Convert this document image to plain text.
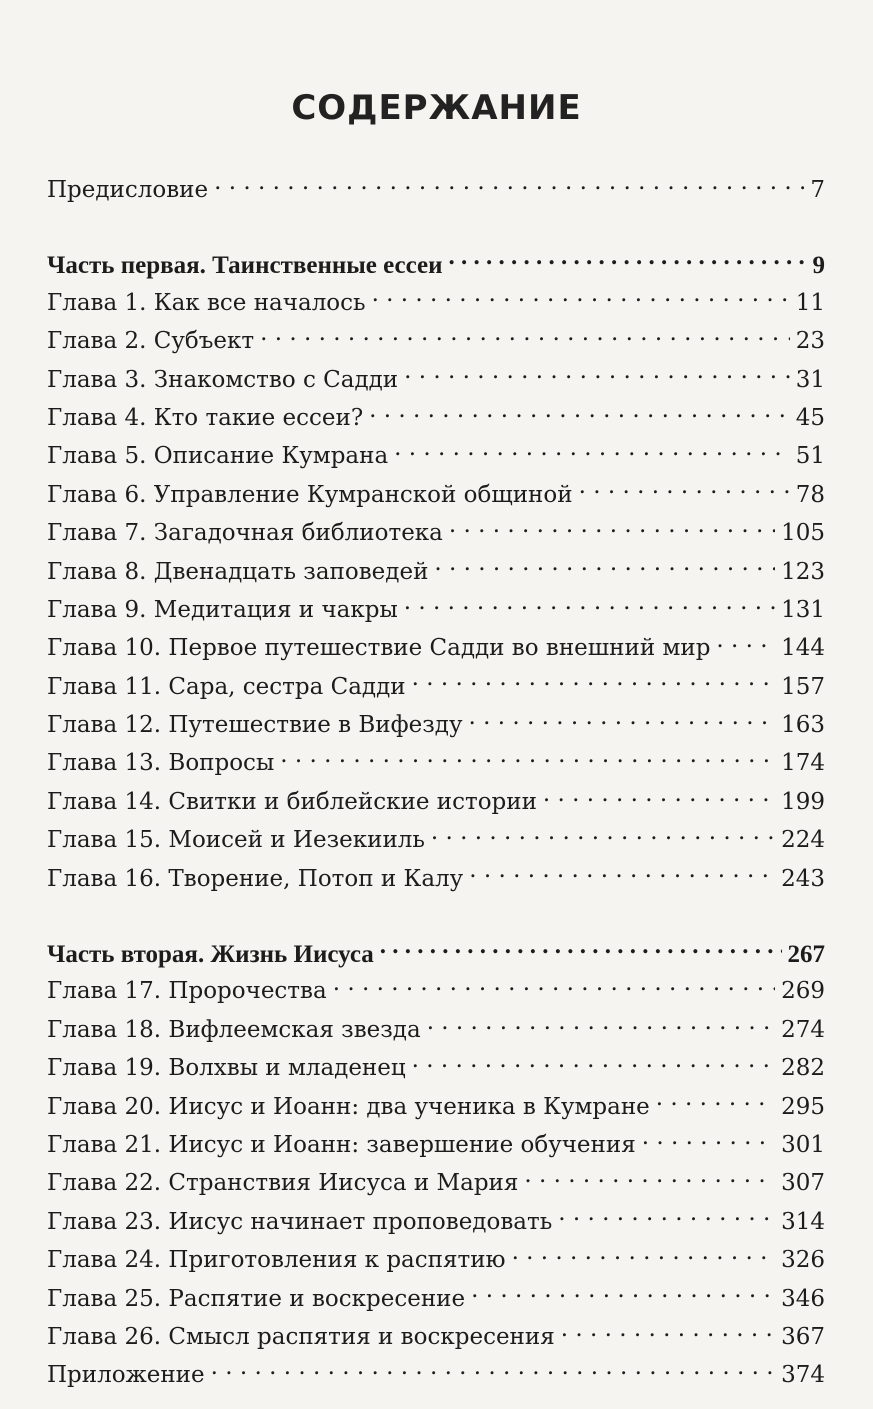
СОДЕРЖАНИЕ
Предисловие . . .	7
Часть первая. Таинственные ессеи . . .	9
Глава 1. Как все началось . . .	11
Глава 2. Субъект . . .	23
Глава 3. Знакомство с Садди . . .	31
Глава 4. Кто такие ессеи? . . .	45
Глава 5. Описание Кумрана . . .	51
Глава 6. Управление Кумранской общиной . . .	78
Глава 7. Загадочная библиотека . . .	105
Глава 8. Двенадцать заповедей . . .	123
Глава 9. Медитация и чакры . . .	131
Глава 10. Первое путешествие Садди во внешний мир . . .	144
Глава 11. Сара, сестра Садди . . .	157
Глава 12. Путешествие в Вифезду . . .	163
Глава 13. Вопросы . . .	174
Глава 14. Свитки и библейские истории . . .	199
Глава 15. Моисей и Иезекииль . . .	224
Глава 16. Творение, Потоп и Калу . . .	243
Часть вторая. Жизнь Иисуса . . .	267
Глава 17. Пророчества . . .	269
Глава 18. Вифлеемская звезда . . .	274
Глава 19. Волхвы и младенец . . .	282
Глава 20. Иисус и Иоанн: два ученика в Кумране . . .	295
Глава 21. Иисус и Иоанн: завершение обучения . . .	301
Глава 22. Странствия Иисуса и Мария . . .	307
Глава 23. Иисус начинает проповедовать . . .	314
Глава 24. Приготовления к распятию . . .	326
Глава 25. Распятие и воскресение . . .	346
Глава 26. Смысл распятия и воскресения . . .	367
Приложение . . .	374
